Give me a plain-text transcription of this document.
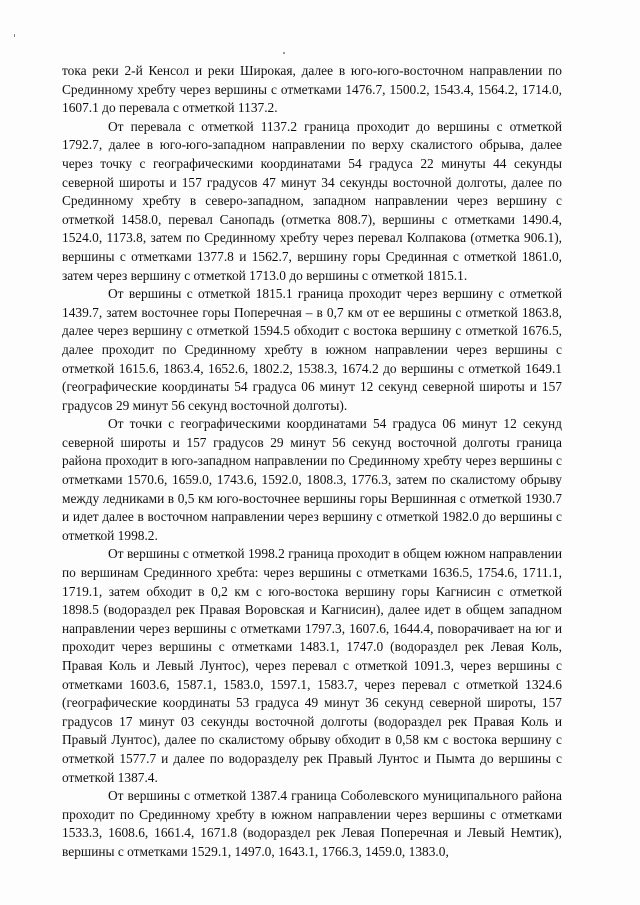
тока реки 2-й Кенсол и реки Широкая, далее в юго-юго-восточном направлении по Срединному хребту через вершины с отметками 1476.7, 1500.2, 1543.4, 1564.2, 1714.0, 1607.1 до перевала с отметкой 1137.2.

От перевала с отметкой 1137.2 граница проходит до вершины с отметкой 1792.7, далее в юго-юго-западном направлении по верху скалистого обрыва, далее через точку с географическими координатами 54 градуса 22 минуты 44 секунды северной широты и 157 градусов 47 минут 34 секунды восточной долготы, далее по Срединному хребту в северо-западном, западном направлении через вершину с отметкой 1458.0, перевал Санопадь (отметка 808.7), вершины с отметками 1490.4, 1524.0, 1173.8, затем по Срединному хребту через перевал Колпакова (отметка 906.1), вершины с отметками 1377.8 и 1562.7, вершину горы Срединная с отметкой 1861.0, затем через вершину с отметкой 1713.0 до вершины с отметкой 1815.1.

От вершины с отметкой 1815.1 граница проходит через вершину с отметкой 1439.7, затем восточнее горы Поперечная – в 0,7 км от ее вершины с отметкой 1863.8, далее через вершину с отметкой 1594.5 обходит с востока вершину с отметкой 1676.5, далее проходит по Срединному хребту в южном направлении через вершины с отметкой 1615.6, 1863.4, 1652.6, 1802.2, 1538.3, 1674.2 до вершины с отметкой 1649.1 (географические координаты 54 градуса 06 минут 12 секунд северной широты и 157 градусов 29 минут 56 секунд восточной долготы).

От точки с географическими координатами 54 градуса 06 минут 12 секунд северной широты и 157 градусов 29 минут 56 секунд восточной долготы граница района проходит в юго-западном направлении по Срединному хребту через вершины с отметками 1570.6, 1659.0, 1743.6, 1592.0, 1808.3, 1776.3, затем по скалистому обрыву между ледниками в 0,5 км юго-восточнее вершины горы Вершинная с отметкой 1930.7 и идет далее в восточном направлении через вершину с отметкой 1982.0 до вершины с отметкой 1998.2.

От вершины с отметкой 1998.2 граница проходит в общем южном направлении по вершинам Срединного хребта: через вершины с отметками 1636.5, 1754.6, 1711.1, 1719.1, затем обходит в 0,2 км с юго-востока вершину горы Кагнисин с отметкой 1898.5 (водораздел рек Правая Воровская и Кагнисин), далее идет в общем западном направлении через вершины с отметками 1797.3, 1607.6, 1644.4, поворачивает на юг и проходит через вершины с отметками 1483.1, 1747.0 (водораздел рек Левая Коль, Правая Коль и Левый Лунтос), через перевал с отметкой 1091.3, через вершины с отметками 1603.6, 1587.1, 1583.0, 1597.1, 1583.7, через перевал с отметкой 1324.6 (географические координаты 53 градуса 49 минут 36 секунд северной широты, 157 градусов 17 минут 03 секунды восточной долготы (водораздел рек Правая Коль и Правый Лунтос), далее по скалистому обрыву обходит в 0,58 км с востока вершину с отметкой 1577.7 и далее по водоразделу рек Правый Лунтос и Пымта до вершины с отметкой 1387.4.

От вершины с отметкой 1387.4 граница Соболевского муниципального района проходит по Срединному хребту в южном направлении через вершины с отметками 1533.3, 1608.6, 1661.4, 1671.8 (водораздел рек Левая Поперечная и Левый Немтик), вершины с отметками 1529.1, 1497.0, 1643.1, 1766.3, 1459.0, 1383.0,
